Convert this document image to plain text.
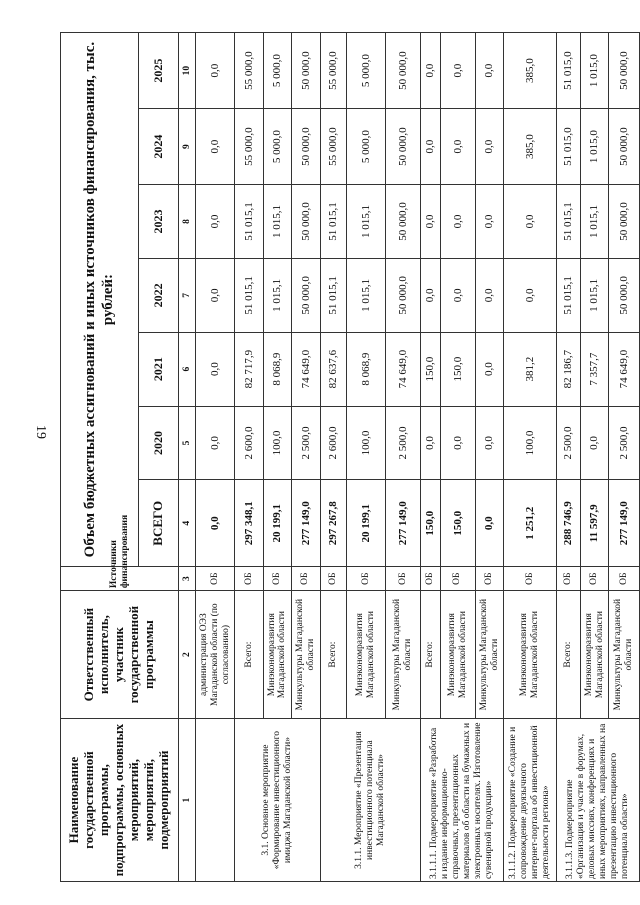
19
Наименование государственной программы, подпрограммы, основных мероприятий, мероприятий, подмероприятий	Ответственный исполнитель, участник государственной программы	Источники финансирования	Объем бюджетных ассигнований и иных источников финансирования, тыс. рублей:						
			ВСЕГО	2020	2021	2022	2023	2024	2025
1	2	3	4	5	6	7	8	9	10
	администрация ОЭЗ Магаданской области (по согласованию)	ОБ	0,0	0,0	0,0	0,0	0,0	0,0	0,0
3.1. Основное мероприятие «Формирование инвестиционного имиджа Магаданской области»	Всего:	ОБ	297 348,1	2 600,0	82 717,9	51 015,1	51 015,1	55 000,0	55 000,0
	Минэкономразвития Магаданской области	ОБ	20 199,1	100,0	8 068,9	1 015,1	1 015,1	5 000,0	5 000,0
	Минкультуры Магаданской области	ОБ	277 149,0	2 500,0	74 649,0	50 000,0	50 000,0	50 000,0	50 000,0
3.1.1. Мероприятие «Презентация инвестиционного потенциала Магаданской области»	Всего:	ОБ	297 267,8	2 600,0	82 637,6	51 015,1	51 015,1	55 000,0	55 000,0
	Минэкономразвития Магаданской области	ОБ	20 199,1	100,0	8 068,9	1 015,1	1 015,1	5 000,0	5 000,0
	Минкультуры Магаданской области	ОБ	277 149,0	2 500,0	74 649,0	50 000,0	50 000,0	50 000,0	50 000,0
3.1.1.1. Подмероприятие «Разработка и издание информационно-справочных, презентационных материалов об области на бумажных и электронных носителях. Изготовление сувенирной продукции»	Всего:	ОБ	150,0	0,0	150,0	0,0	0,0	0,0	0,0
	Минэкономразвития Магаданской области	ОБ	150,0	0,0	150,0	0,0	0,0	0,0	0,0
	Минкультуры Магаданской области	ОБ	0,0	0,0	0,0	0,0	0,0	0,0	0,0
3.1.1.2. Подмероприятие «Создание и сопровождение двуязычного интернет-портала об инвестиционной деятельности региона»	Минэкономразвития Магаданской области	ОБ	1 251,2	100,0	381,2	0,0	0,0	385,0	385,0
3.1.1.3. Подмероприятие «Организация и участие в форумах, деловых миссиях, конференциях и иных мероприятиях, направленных на презентацию инвестиционного потенциала области»	Всего:	ОБ	288 746,9	2 500,0	82 186,7	51 015,1	51 015,1	51 015,0	51 015,0
	Минэкономразвития Магаданской области	ОБ	11 597,9	0,0	7 357,7	1 015,1	1 015,1	1 015,0	1 015,0
	Минкультуры Магаданской области	ОБ	277 149,0	2 500,0	74 649,0	50 000,0	50 000,0	50 000,0	50 000,0
